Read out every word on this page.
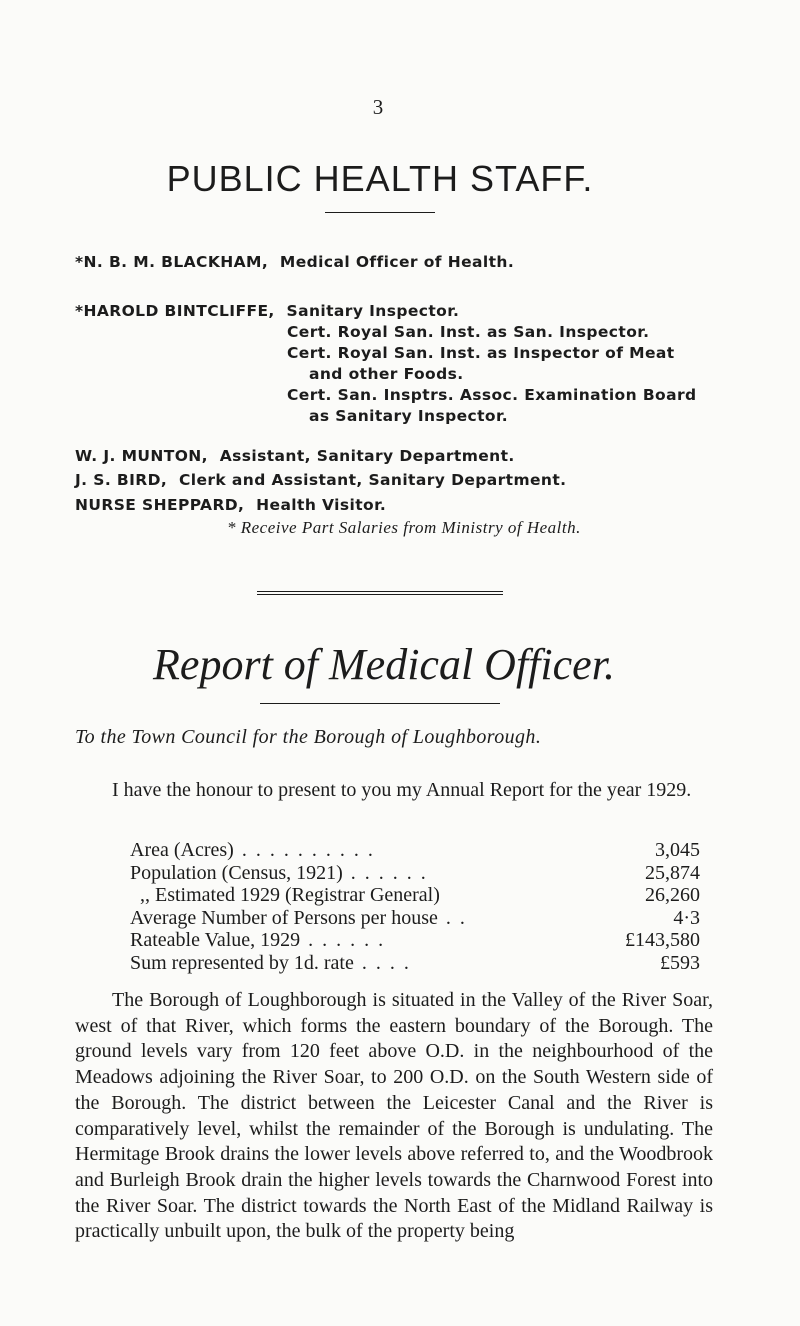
3
PUBLIC HEALTH STAFF.
*N. B. M. BLACKHAM, Medical Officer of Health.
*HAROLD BINTCLIFFE, Sanitary Inspector.
Cert. Royal San. Inst. as San. Inspector.
Cert. Royal San. Inst. as Inspector of Meat
and other Foods.
Cert. San. Insptrs. Assoc. Examination Board
as Sanitary Inspector.
W. J. MUNTON, Assistant, Sanitary Department.
J. S. BIRD, Clerk and Assistant, Sanitary Department.
NURSE SHEPPARD, Health Visitor.
* Receive Part Salaries from Ministry of Health.
Report of Medical Officer.
To the Town Council for the Borough of Loughborough.

I have the honour to present to you my Annual Report for the year 1929.

Area (Acres) . . . . . . . . . .	3,045
Population (Census, 1921) . . . . . .	25,874
,, Estimated 1929 (Registrar General)	26,260
Average Number of Persons per house . .	4·3
Rateable Value, 1929 . . . . . .	£143,580
Sum represented by 1d. rate . . . .	£593

The Borough of Loughborough is situated in the Valley of the River Soar, west of that River, which forms the eastern boundary of the Borough. The ground levels vary from 120 feet above O.D. in the neighbourhood of the Meadows adjoining the River Soar, to 200 O.D. on the South Western side of the Borough. The district between the Leicester Canal and the River is comparatively level, whilst the remainder of the Borough is undulating. The Hermitage Brook drains the lower levels above referred to, and the Woodbrook and Burleigh Brook drain the higher levels towards the Charnwood Forest into the River Soar. The district towards the North East of the Midland Railway is practically unbuilt upon, the bulk of the property being
